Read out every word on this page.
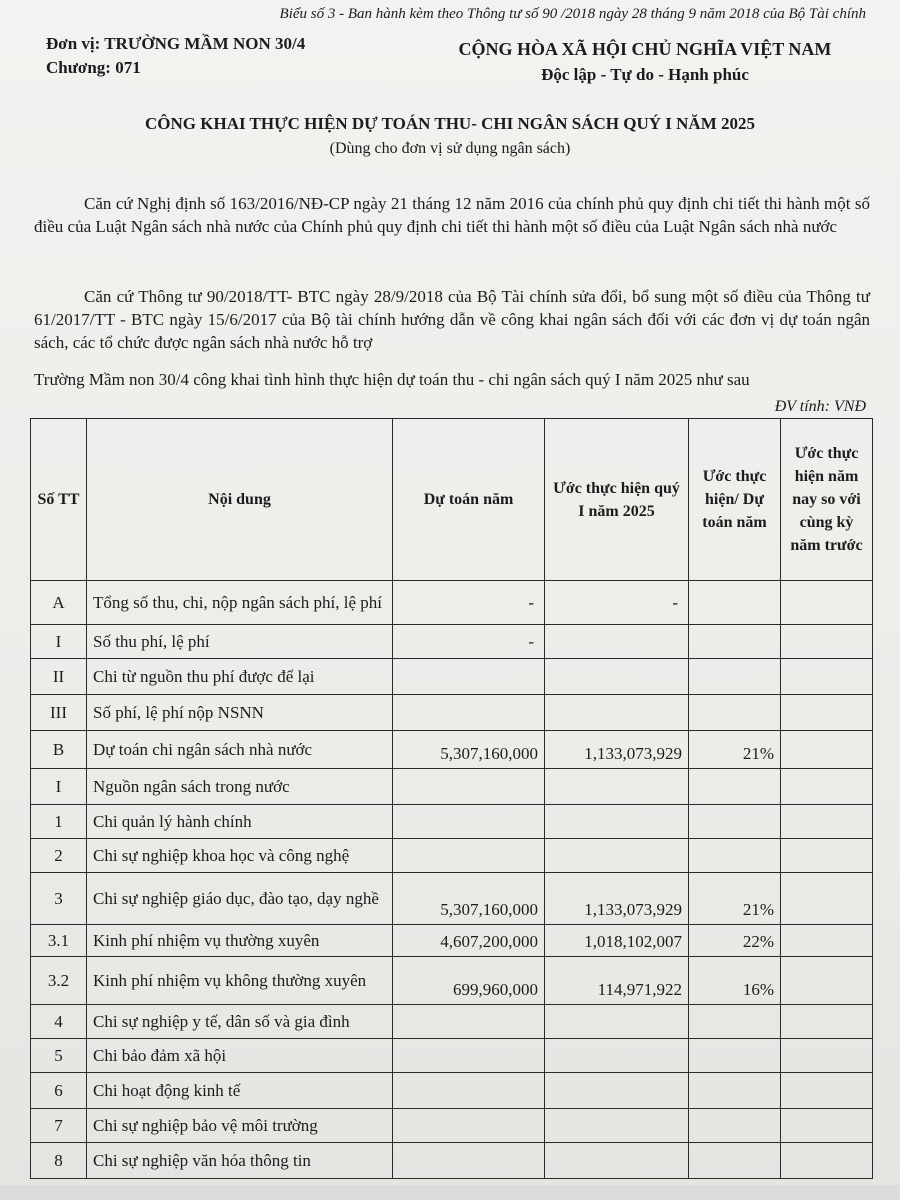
Biểu số 3 - Ban hành kèm theo Thông tư số 90 /2018 ngày 28 tháng 9 năm 2018 của Bộ Tài chính
Đơn vị: TRƯỜNG MẦM NON 30/4
Chương: 071
CỘNG HÒA XÃ HỘI CHỦ NGHĨA VIỆT NAM
Độc lập - Tự do - Hạnh phúc
CÔNG KHAI THỰC HIỆN DỰ TOÁN THU- CHI NGÂN SÁCH QUÝ I NĂM 2025
(Dùng cho đơn vị sử dụng ngân sách)
Căn cứ Nghị định số 163/2016/NĐ-CP ngày 21 tháng 12 năm 2016 của chính phủ quy định chi tiết thi hành một số điều của Luật Ngân sách nhà nước của Chính phủ quy định chi tiết thi hành một số điều của Luật Ngân sách nhà nước
Căn cứ Thông tư 90/2018/TT- BTC ngày 28/9/2018 của Bộ Tài chính sửa đổi, bổ sung một số điều của Thông tư 61/2017/TT - BTC ngày 15/6/2017 của Bộ tài chính hướng dẫn về công khai ngân sách đối với các đơn vị dự toán ngân sách, các tổ chức được ngân sách nhà nước hỗ trợ
Trường Mầm non 30/4 công khai tình hình thực hiện dự toán thu - chi ngân sách quý I năm 2025 như sau
ĐV tính: VNĐ
Số TT	Nội dung	Dự toán năm	Ước thực hiện quý I năm 2025	Ước thực hiện/ Dự toán năm	Ước thực hiện năm nay so với cùng kỳ năm trước
A	Tổng số thu, chi, nộp ngân sách phí, lệ phí	-	-		
I	Số thu phí, lệ phí	-			
II	Chi từ nguồn thu phí được để lại				
III	Số phí, lệ phí nộp NSNN				
B	Dự toán chi ngân sách nhà nước	5,307,160,000	1,133,073,929	21%	
I	Nguồn ngân sách trong nước				
1	Chi quản lý hành chính				
2	Chi sự nghiệp khoa học và công nghệ				
3	Chi sự nghiệp giáo dục, đào tạo, dạy nghề	5,307,160,000	1,133,073,929	21%	
3.1	Kinh phí nhiệm vụ thường xuyên	4,607,200,000	1,018,102,007	22%	
3.2	Kinh phí nhiệm vụ không thường xuyên	699,960,000	114,971,922	16%	
4	Chi sự nghiệp y tế, dân số và gia đình				
5	Chi bảo đảm xã hội				
6	Chi hoạt động kinh tế				
7	Chi sự nghiệp bảo vệ môi trường				
8	Chi sự nghiệp văn hóa thông tin				
